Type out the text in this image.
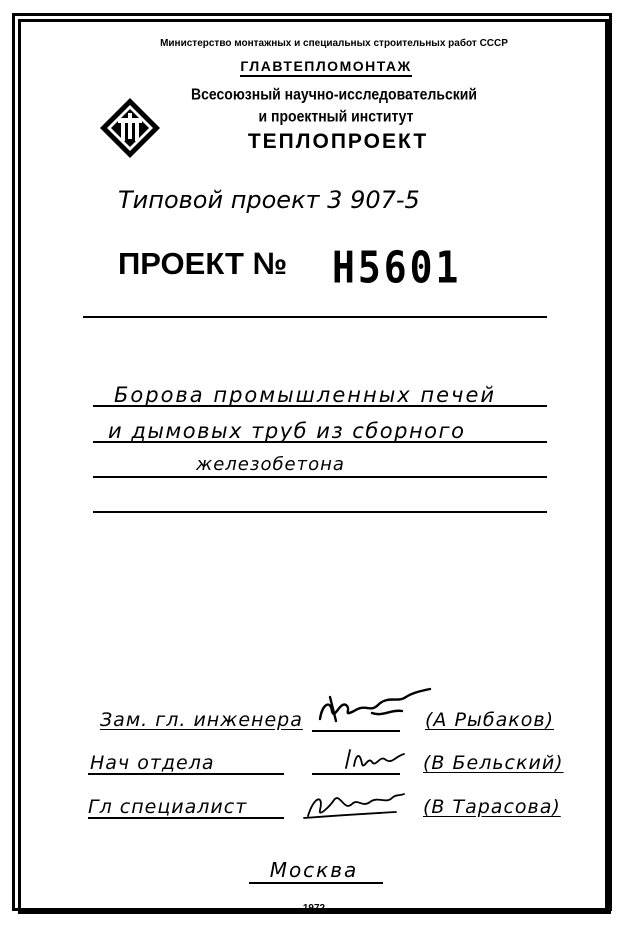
Министерство монтажных и специальных строительных работ СССР
ГЛАВТЕПЛОМОНТАЖ
Всесоюзный научно-исследовательский
и проектный институт
ТЕПЛОПРОЕКТ
Типовой проект 3 907-5
ПРОЕКТ № Н5601
Борова промышленных печей
и дымовых труб из сборного
железобетона
Зам. гл. инженера	(А Рыбаков)
Нач отдела	(В Бельский)
Гл специалист	(В Тарасова)
Москва
1972
